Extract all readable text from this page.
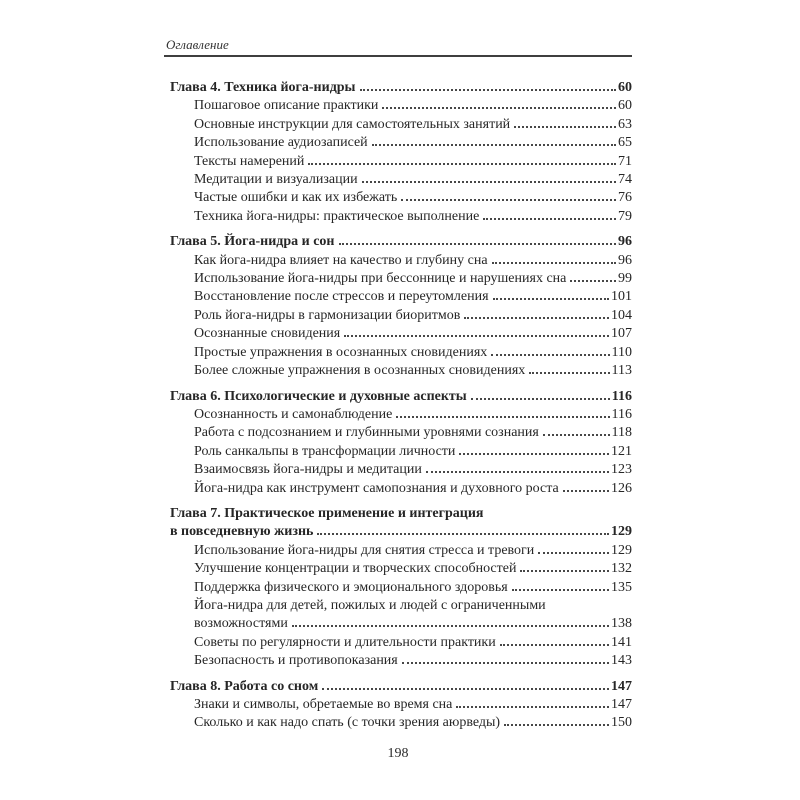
Оглавление
Глава 4. Техника йога-нидры	60
Пошаговое описание практики	60
Основные инструкции для самостоятельных занятий	63
Использование аудиозаписей	65
Тексты намерений	71
Медитации и визуализации	74
Частые ошибки и как их избежать	76
Техника йога-нидры: практическое выполнение	79
Глава 5. Йога-нидра и сон	96
Как йога-нидра влияет на качество и глубину сна	96
Использование йога-нидры при бессоннице и нарушениях сна	99
Восстановление после стрессов и переутомления	101
Роль йога-нидры в гармонизации биоритмов	104
Осознанные сновидения	107
Простые упражнения в осознанных сновидениях	110
Более сложные упражнения в осознанных сновидениях	113
Глава 6. Психологические и духовные аспекты	116
Осознанность и самонаблюдение	116
Работа с подсознанием и глубинными уровнями сознания	118
Роль санкальпы в трансформации личности	121
Взаимосвязь йога-нидры и медитации	123
Йога-нидра как инструмент самопознания и духовного роста	126
Глава 7. Практическое применение и интеграция
в повседневную жизнь	129
Использование йога-нидры для снятия стресса и тревоги	129
Улучшение концентрации и творческих способностей	132
Поддержка физического и эмоционального здоровья	135
Йога-нидра для детей, пожилых и людей с ограниченными
возможностями	138
Советы по регулярности и длительности практики	141
Безопасность и противопоказания	143
Глава 8. Работа со сном	147
Знаки и символы, обретаемые во время сна	147
Сколько и как надо спать (с точки зрения аюрведы)	150
198
